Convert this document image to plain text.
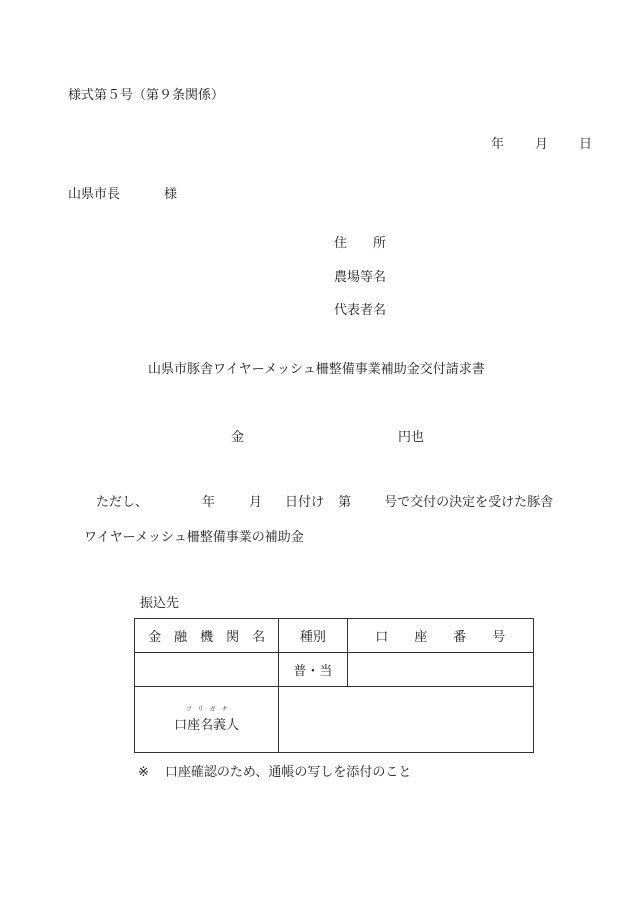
様式第５号（第９条関係）
年 月 日
山県市長	様
住 所
農場等名
代表者名
山県市豚舎ワイヤーメッシュ柵整備事業補助金交付請求書
金	円也
ただし、	年	月 日付け 第	号で交付の決定を受けた豚舎
ワイヤーメッシュ柵整備事業の補助金
振込先
金　融　機　関　名	種別	口　　座　　番　　号
	普・当	

フリガナ
口座名義人		
※ 口座確認のため、通帳の写しを添付のこと
